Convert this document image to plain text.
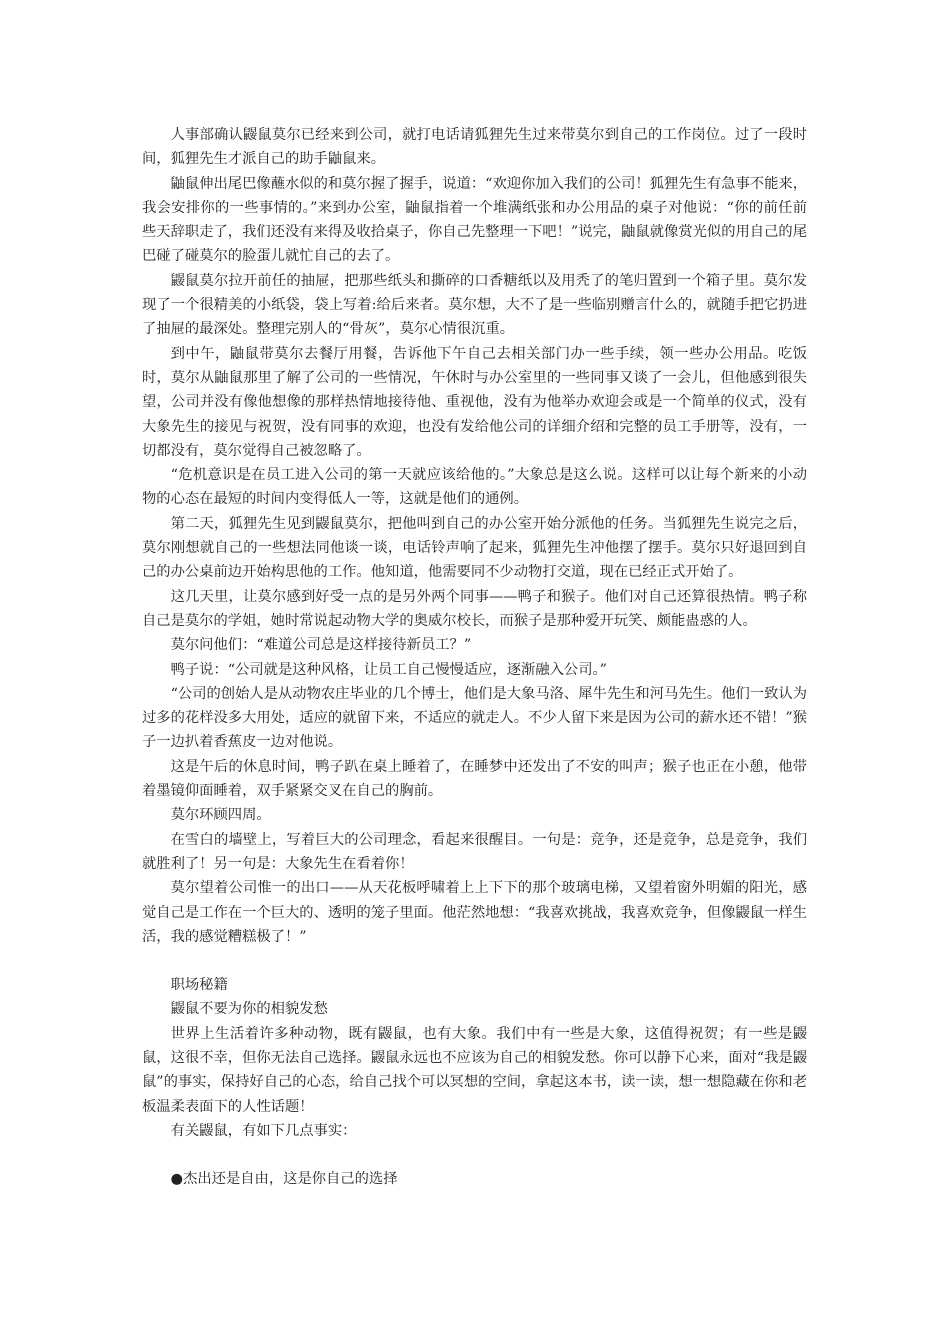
人事部确认鼹鼠莫尔已经来到公司，就打电话请狐狸先生过来带莫尔到自己的工作岗位。过了一段时间，狐狸先生才派自己的助手鼬鼠来。

鼬鼠伸出尾巴像蘸水似的和莫尔握了握手，说道：“欢迎你加入我们的公司！狐狸先生有急事不能来，我会安排你的一些事情的。”来到办公室，鼬鼠指着一个堆满纸张和办公用品的桌子对他说：“你的前任前些天辞职走了，我们还没有来得及收拾桌子，你自己先整理一下吧！”说完，鼬鼠就像赏光似的用自己的尾巴碰了碰莫尔的脸蛋儿就忙自己的去了。

鼹鼠莫尔拉开前任的抽屉，把那些纸头和撕碎的口香糖纸以及用秃了的笔归置到一个箱子里。莫尔发现了一个很精美的小纸袋，袋上写着:给后来者。莫尔想，大不了是一些临别赠言什么的，就随手把它扔进了抽屉的最深处。整理完别人的“骨灰”，莫尔心情很沉重。

到中午，鼬鼠带莫尔去餐厅用餐，告诉他下午自己去相关部门办一些手续，领一些办公用品。吃饭时，莫尔从鼬鼠那里了解了公司的一些情况，午休时与办公室里的一些同事又谈了一会儿，但他感到很失望，公司并没有像他想像的那样热情地接待他、重视他，没有为他举办欢迎会或是一个简单的仪式，没有大象先生的接见与祝贺，没有同事的欢迎，也没有发给他公司的详细介绍和完整的员工手册等，没有，一切都没有，莫尔觉得自己被忽略了。

“危机意识是在员工进入公司的第一天就应该给他的。”大象总是这么说。这样可以让每个新来的小动物的心态在最短的时间内变得低人一等，这就是他们的通例。

第二天，狐狸先生见到鼹鼠莫尔，把他叫到自己的办公室开始分派他的任务。当狐狸先生说完之后，莫尔刚想就自己的一些想法同他谈一谈，电话铃声响了起来，狐狸先生冲他摆了摆手。莫尔只好退回到自己的办公桌前边开始构思他的工作。他知道，他需要同不少动物打交道，现在已经正式开始了。

这几天里，让莫尔感到好受一点的是另外两个同事——鸭子和猴子。他们对自己还算很热情。鸭子称自己是莫尔的学姐，她时常说起动物大学的奥威尔校长，而猴子是那种爱开玩笑、颇能蛊惑的人。

莫尔问他们：“难道公司总是这样接待新员工？”

鸭子说：“公司就是这种风格，让员工自己慢慢适应，逐渐融入公司。”

“公司的创始人是从动物农庄毕业的几个博士，他们是大象马洛、犀牛先生和河马先生。他们一致认为过多的花样没多大用处，适应的就留下来，不适应的就走人。不少人留下来是因为公司的薪水还不错！”猴子一边扒着香蕉皮一边对他说。

这是午后的休息时间，鸭子趴在桌上睡着了，在睡梦中还发出了不安的叫声；猴子也正在小憩，他带着墨镜仰面睡着，双手紧紧交叉在自己的胸前。

莫尔环顾四周。

在雪白的墙壁上，写着巨大的公司理念，看起来很醒目。一句是：竞争，还是竞争，总是竞争，我们就胜利了！另一句是：大象先生在看着你！

莫尔望着公司惟一的出口——从天花板呼啸着上上下下的那个玻璃电梯，又望着窗外明媚的阳光，感觉自己是工作在一个巨大的、透明的笼子里面。他茫然地想：“我喜欢挑战，我喜欢竞争，但像鼹鼠一样生活，我的感觉糟糕极了！”

职场秘籍

鼹鼠不要为你的相貌发愁

世界上生活着许多种动物，既有鼹鼠，也有大象。我们中有一些是大象，这值得祝贺；有一些是鼹鼠，这很不幸，但你无法自己选择。鼹鼠永远也不应该为自己的相貌发愁。你可以静下心来，面对“我是鼹鼠”的事实，保持好自己的心态，给自己找个可以冥想的空间，拿起这本书，读一读，想一想隐藏在你和老板温柔表面下的人性话题！

有关鼹鼠，有如下几点事实：

●杰出还是自由，这是你自己的选择
